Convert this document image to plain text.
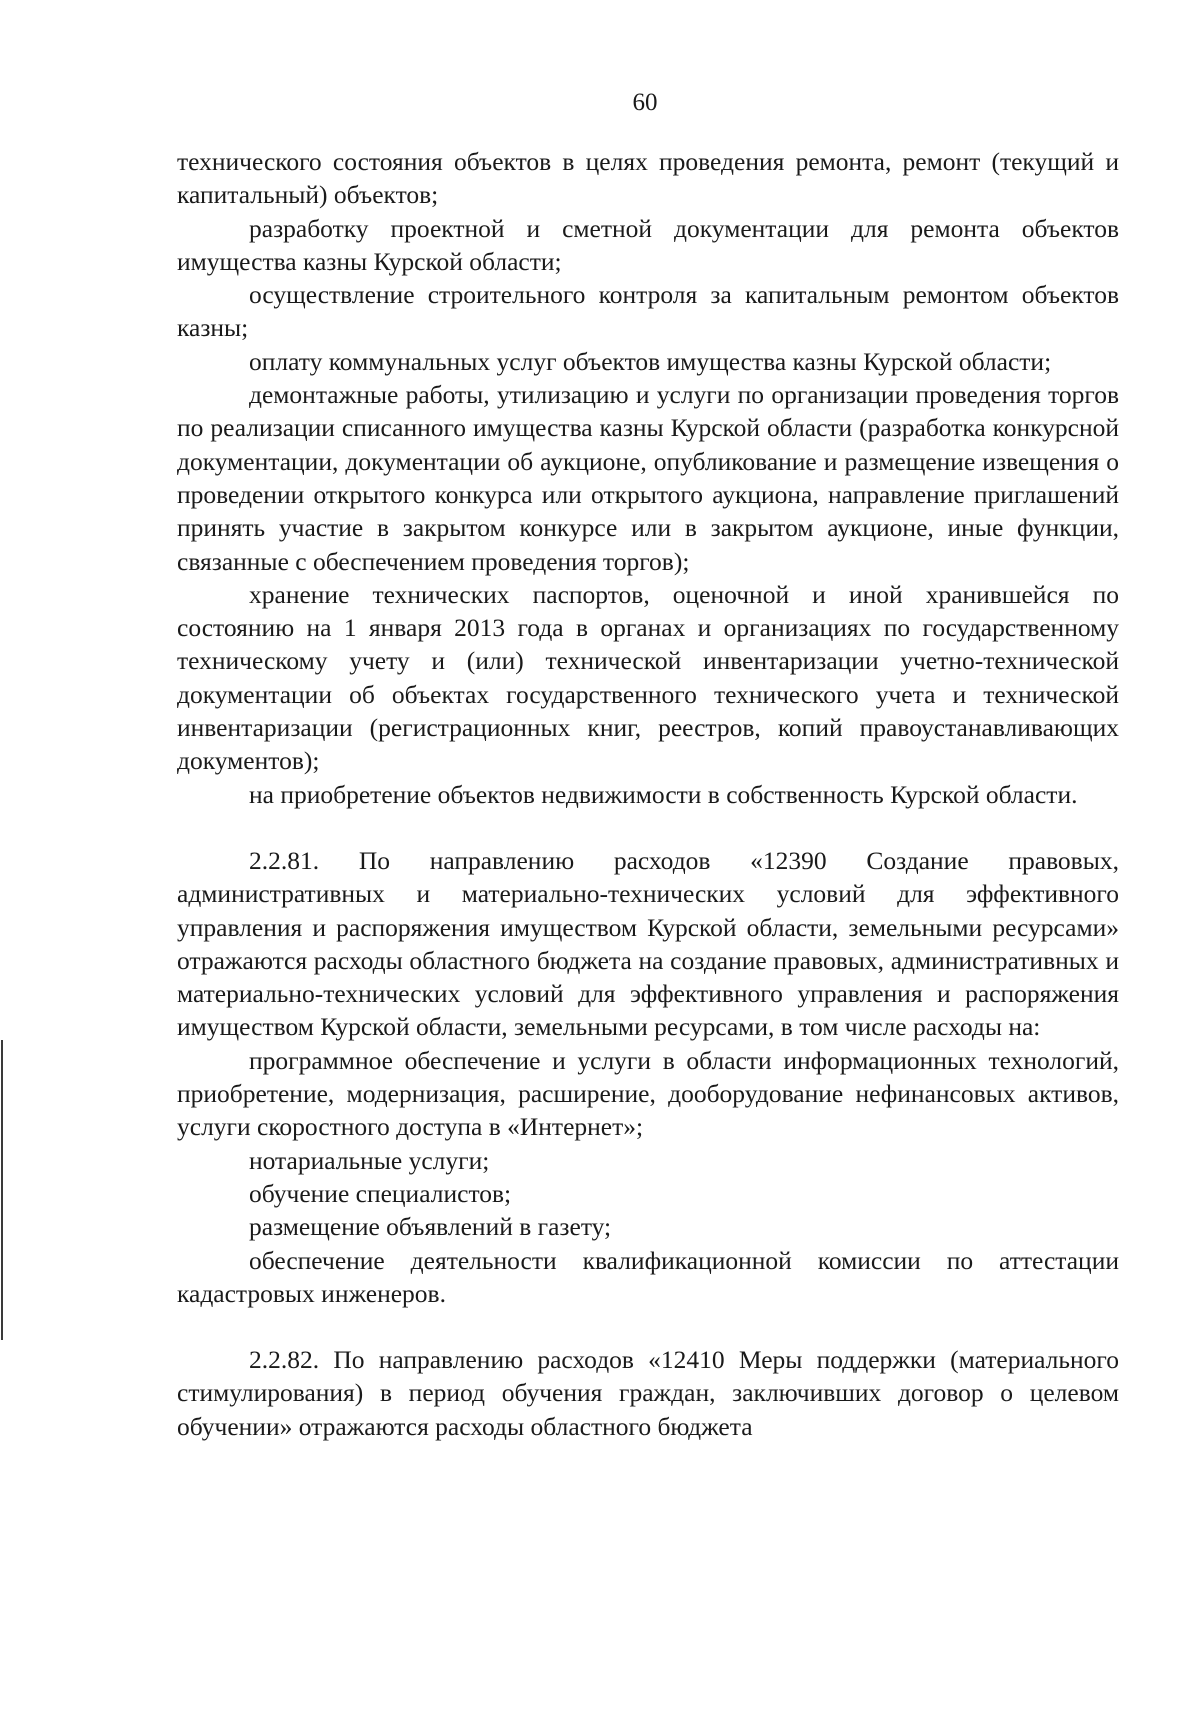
60

технического состояния объектов в целях проведения ремонта, ремонт (текущий и капитальный) объектов;

разработку проектной и сметной документации для ремонта объектов имущества казны Курской области;

осуществление строительного контроля за капитальным ремонтом объектов казны;

оплату коммунальных услуг объектов имущества казны Курской области;

демонтажные работы, утилизацию и услуги по организации проведения торгов по реализации списанного имущества казны Курской области (разработка конкурсной документации, документации об аукционе, опубликование и размещение извещения о проведении открытого конкурса или открытого аукциона, направление приглашений принять участие в закрытом конкурсе или в закрытом аукционе, иные функции, связанные с обеспечением проведения торгов);

хранение технических паспортов, оценочной и иной хранившейся по состоянию на 1 января 2013 года в органах и организациях по государственному техническому учету и (или) технической инвентаризации учетно-технической документации об объектах государственного технического учета и технической инвентаризации (регистрационных книг, реестров, копий правоустанавливающих документов);

на приобретение объектов недвижимости в собственность Курской области.

2.2.81. По направлению расходов «12390 Создание правовых, административных и материально-технических условий для эффективного управления и распоряжения имуществом Курской области, земельными ресурсами» отражаются расходы областного бюджета на создание правовых, административных и материально-технических условий для эффективного управления и распоряжения имуществом Курской области, земельными ресурсами, в том числе расходы на:

программное обеспечение и услуги в области информационных технологий, приобретение, модернизация, расширение, дооборудование нефинансовых активов, услуги скоростного доступа в «Интернет»;

нотариальные услуги;

обучение специалистов;

размещение объявлений в газету;

обеспечение деятельности квалификационной комиссии по аттестации кадастровых инженеров.

2.2.82. По направлению расходов «12410 Меры поддержки (материального стимулирования) в период обучения граждан, заключивших договор о целевом обучении» отражаются расходы областного бюджета
